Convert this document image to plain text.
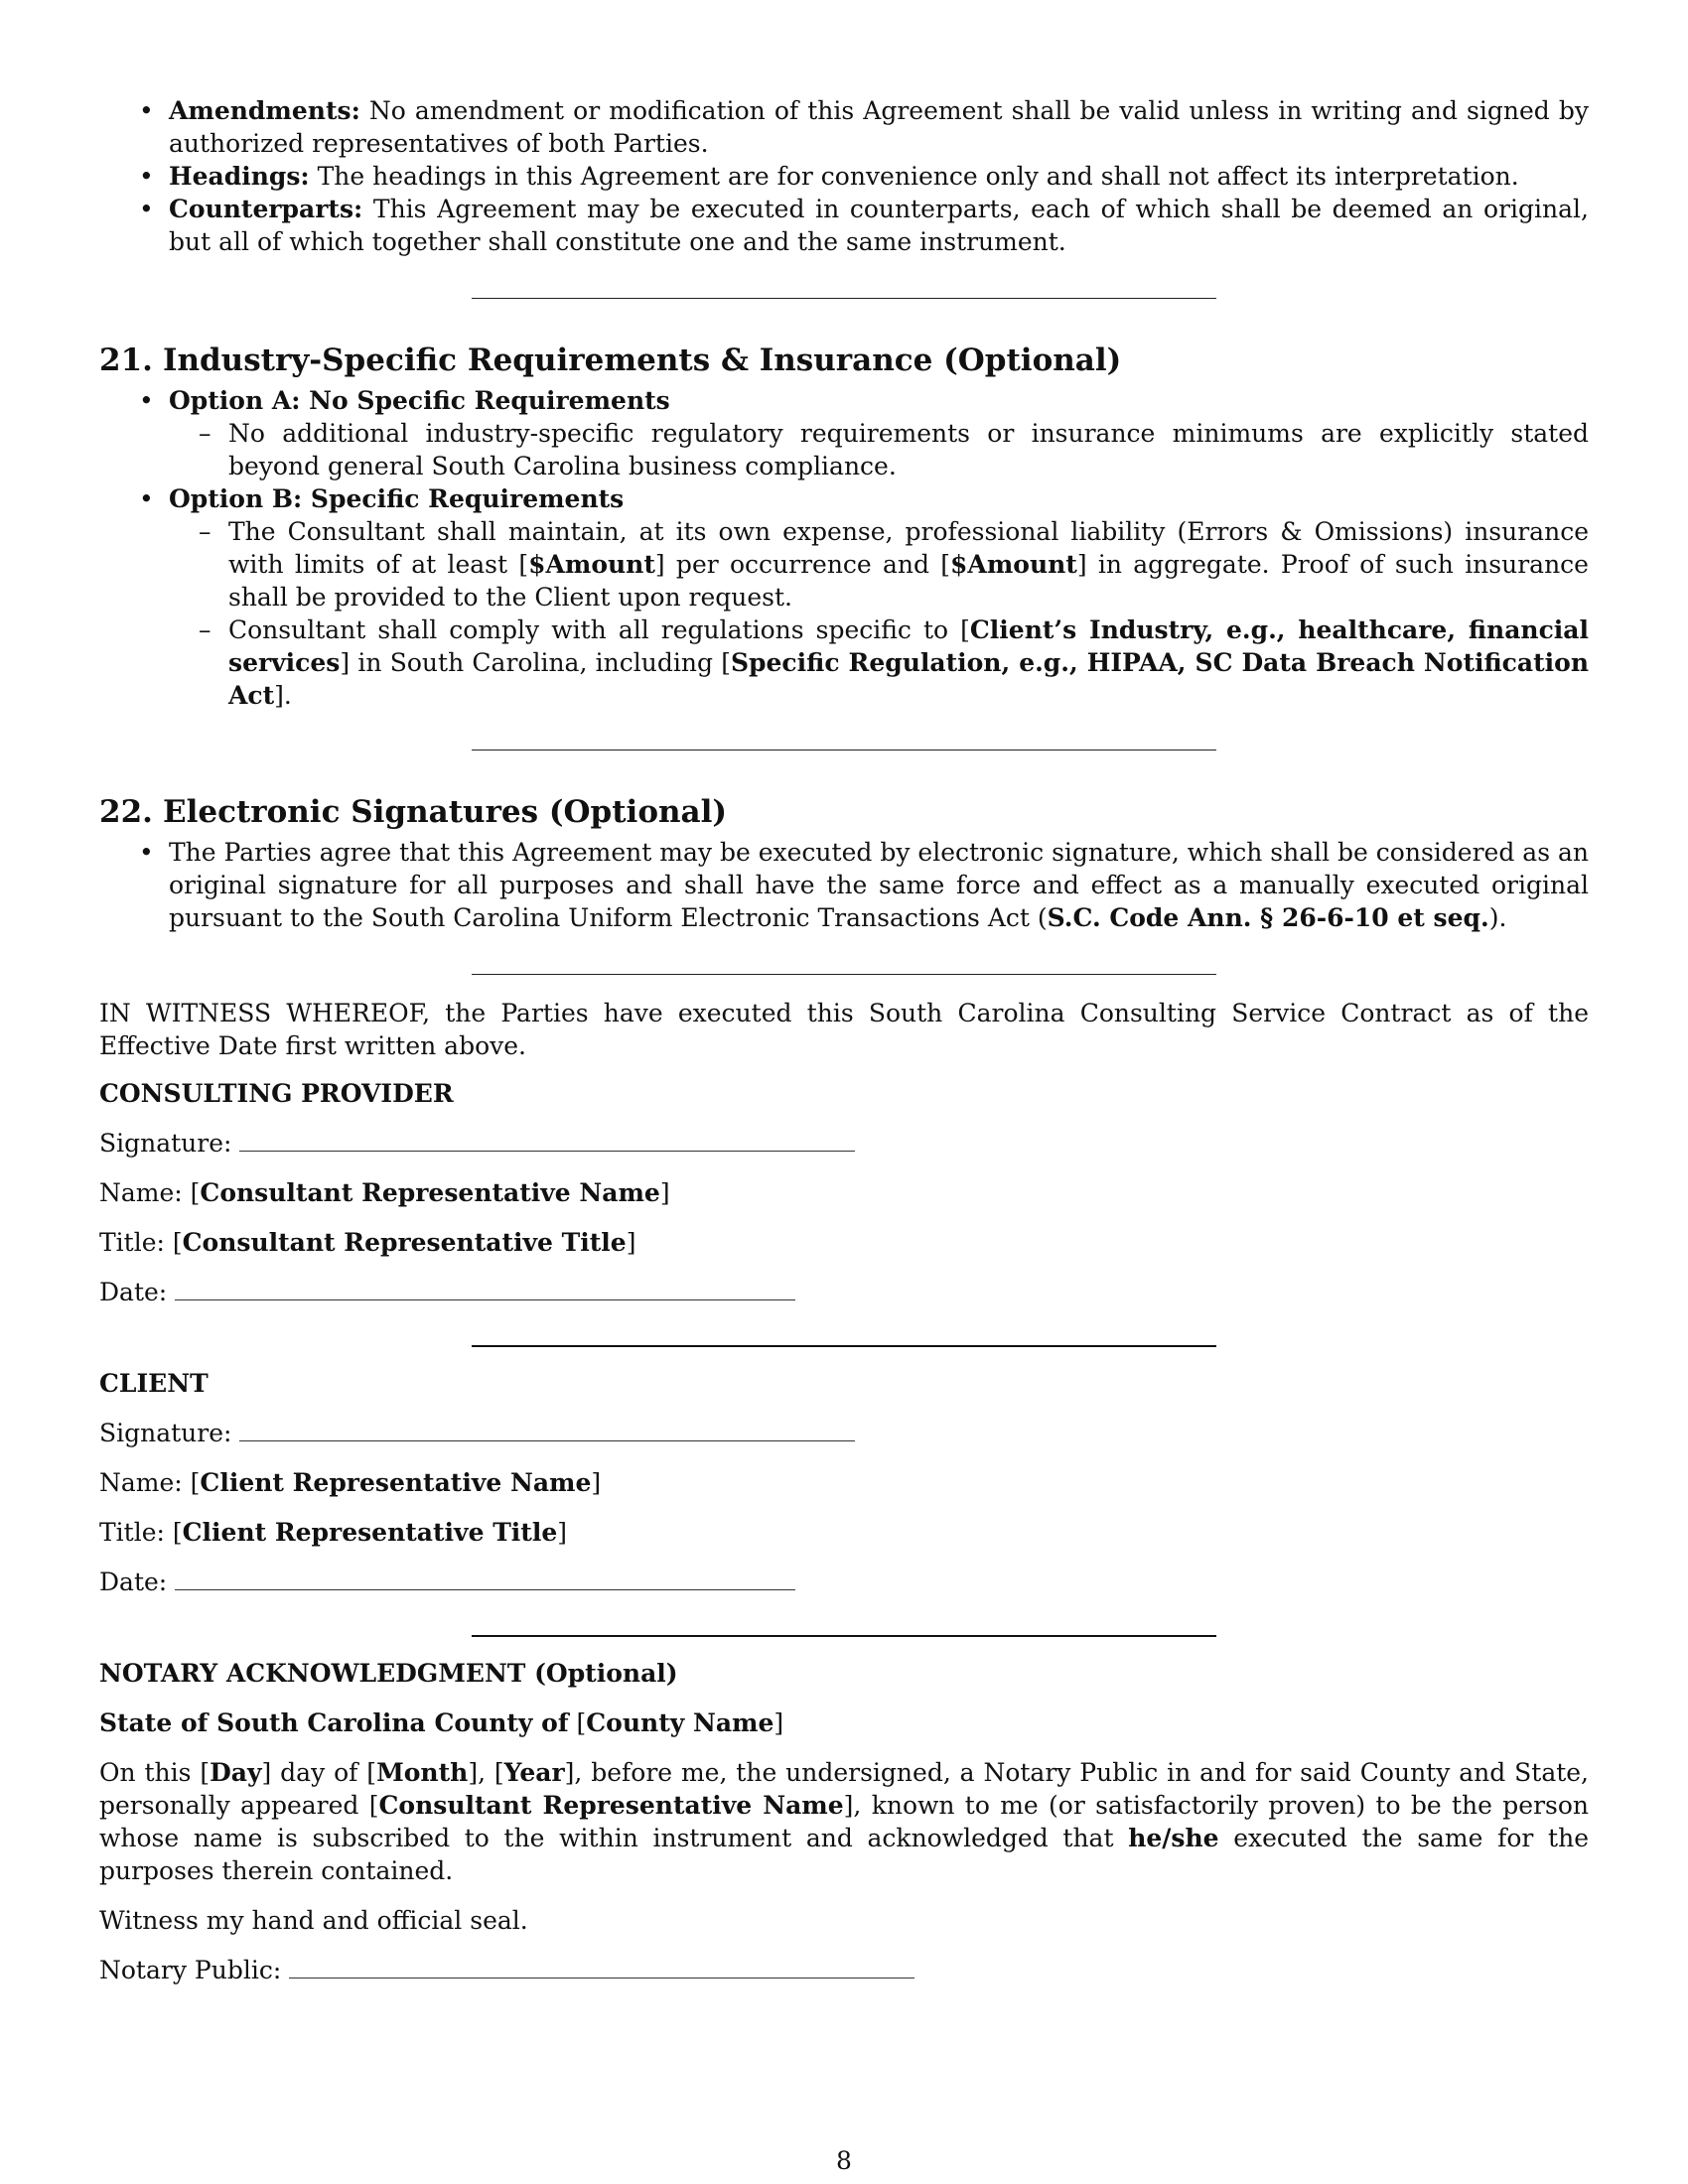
• Amendments: No amendment or modification of this Agreement shall be valid unless in writing and signed by authorized representatives of both Parties.
• Headings: The headings in this Agreement are for convenience only and shall not affect its interpretation.
• Counterparts: This Agreement may be executed in counterparts, each of which shall be deemed an original, but all of which together shall constitute one and the same instrument.
21. Industry-Specific Requirements & Insurance (Optional)
• Option A: No Specific Requirements
– No additional industry-specific regulatory requirements or insurance minimums are explicitly stated beyond general South Carolina business compliance.
• Option B: Specific Requirements
– The Consultant shall maintain, at its own expense, professional liability (Errors & Omissions) insurance with limits of at least [$Amount] per occurrence and [$Amount] in aggregate. Proof of such insurance shall be provided to the Client upon request.
– Consultant shall comply with all regulations specific to [Client’s Industry, e.g., healthcare, financial services] in South Carolina, including [Specific Regulation, e.g., HIPAA, SC Data Breach Notification Act].
22. Electronic Signatures (Optional)
• The Parties agree that this Agreement may be executed by electronic signature, which shall be considered as an original signature for all purposes and shall have the same force and effect as a manually executed original pursuant to the South Carolina Uniform Electronic Transactions Act (S.C. Code Ann. § 26-6-10 et seq.).

IN WITNESS WHEREOF, the Parties have executed this South Carolina Consulting Service Contract as of the Effective Date first written above.

CONSULTING PROVIDER
Signature:
Name: [Consultant Representative Name]
Title: [Consultant Representative Title]
Date:
CLIENT
Signature:
Name: [Client Representative Name]
Title: [Client Representative Title]
Date:
NOTARY ACKNOWLEDGMENT (Optional)
State of South Carolina County of [County Name]

On this [Day] day of [Month], [Year], before me, the undersigned, a Notary Public in and for said County and State, personally appeared [Consultant Representative Name], known to me (or satisfactorily proven) to be the person whose name is subscribed to the within instrument and acknowledged that he/she executed the same for the purposes therein contained.

Witness my hand and official seal.

Notary Public:
8
